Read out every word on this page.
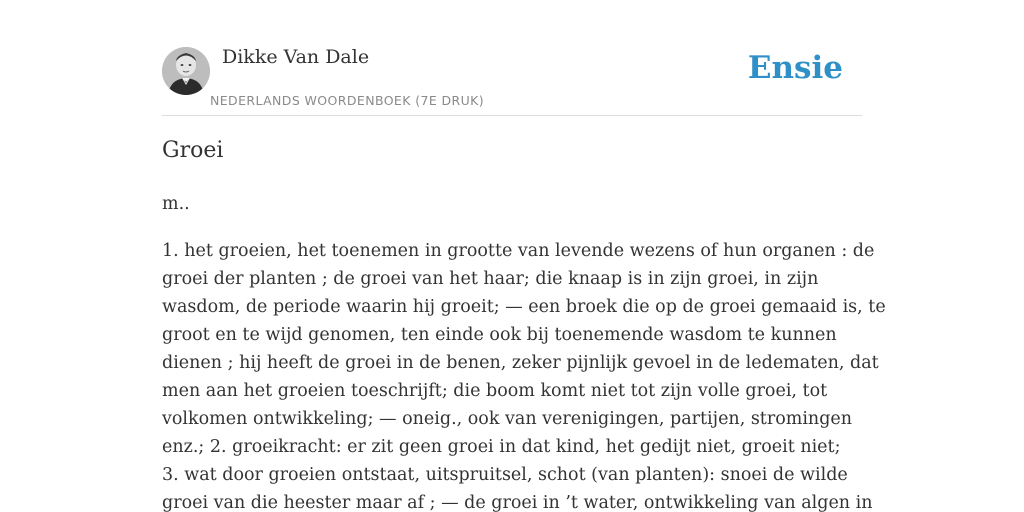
Dikke Van Dale
NEDERLANDS WOORDENBOEK (7E DRUK)
Ensie
Groei

m..

1. het groeien, het toenemen in grootte van levende wezens of hun organen : de
groei der planten ; de groei van het haar; die knaap is in zijn groei, in zijn
wasdom, de periode waarin hij groeit; — een broek die op de groei gemaaid is, te
groot en te wijd genomen, ten einde ook bij toenemende wasdom te kunnen
dienen ; hij heeft de groei in de benen, zeker pijnlijk gevoel in de ledematen, dat
men aan het groeien toeschrijft; die boom komt niet tot zijn volle groei, tot
volkomen ontwikkeling; — oneig., ook van verenigingen, partijen, stromingen
enz.; 2. groeikracht: er zit geen groei in dat kind, het gedijt niet, groeit niet;
3. wat door groeien ontstaat, uitspruitsel, schot (van planten): snoei de wilde
groei van die heester maar af ; — de groei in ’t water, ontwikkeling van algen in
